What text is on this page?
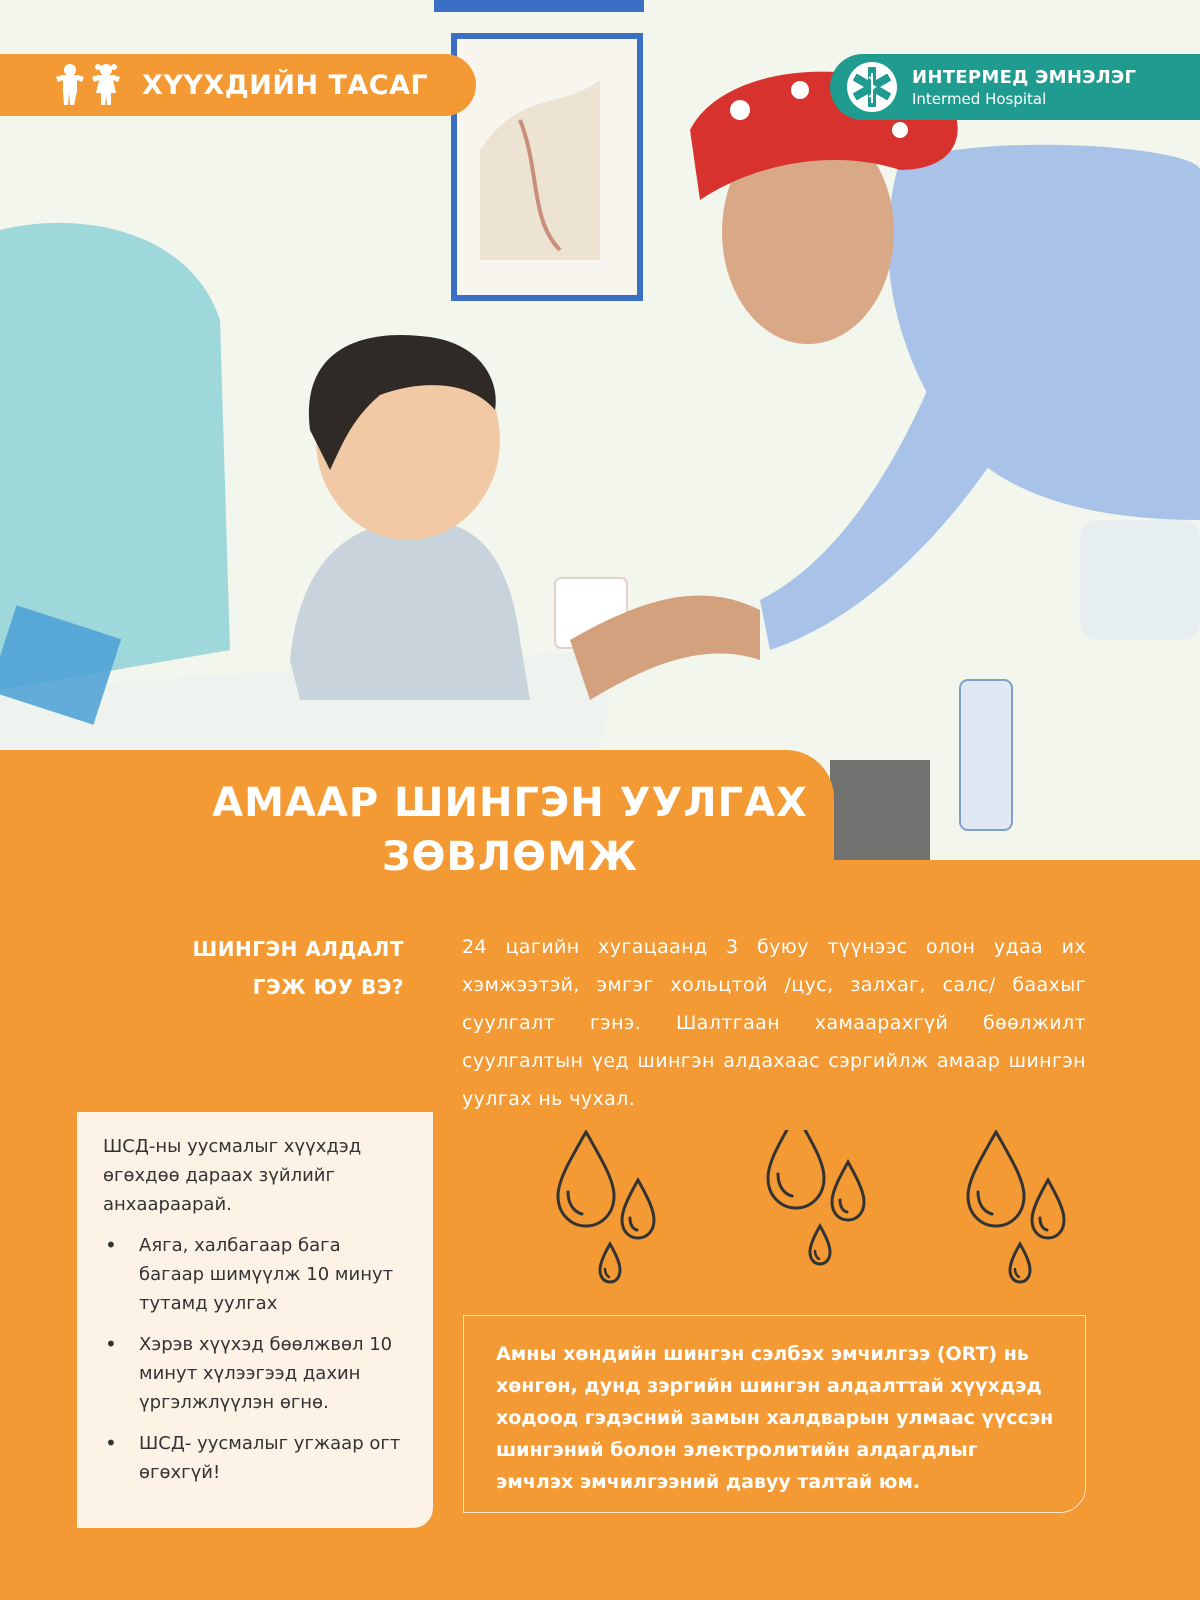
ХҮҮХДИЙН ТАСАГ	ИНТЕРМЕД ЭМНЭЛЭГ
Intermed Hospital
АМААР ШИНГЭН УУЛГАХ
ЗӨВЛӨМЖ
ШИНГЭН АЛДАЛТ
ГЭЖ ЮУ ВЭ?

24 цагийн хугацаанд 3 буюу түүнээс олон удаа их хэмжээтэй, эмгэг хольцтой /цус, залхаг, салс/ баахыг суулгалт гэнэ. Шалтгаан хамаарахгүй бөөлжилт суулгалтын үед шингэн алдахаас сэргийлж амаар шингэн уулгах нь чухал.

ШСД-ны уусмалыг хүүхдэд өгөхдөө дараах зүйлийг анхаараарай.

• Аяга, халбагаар бага багаар шимүүлж 10 минут тутамд уулгах
• Хэрэв хүүхэд бөөлжвөл 10 минут хүлээгээд дахин үргэлжлүүлэн өгнө.
• ШСД- уусмалыг угжаар огт өгөхгүй!

Амны хөндийн шингэн сэлбэх эмчилгээ (ORT) нь хөнгөн, дунд зэргийн шингэн алдалттай хүүхдэд ходоод гэдэсний замын халдварын улмаас үүссэн шингэний болон электролитийн алдагдлыг эмчлэх эмчилгээний давуу талтай юм.
